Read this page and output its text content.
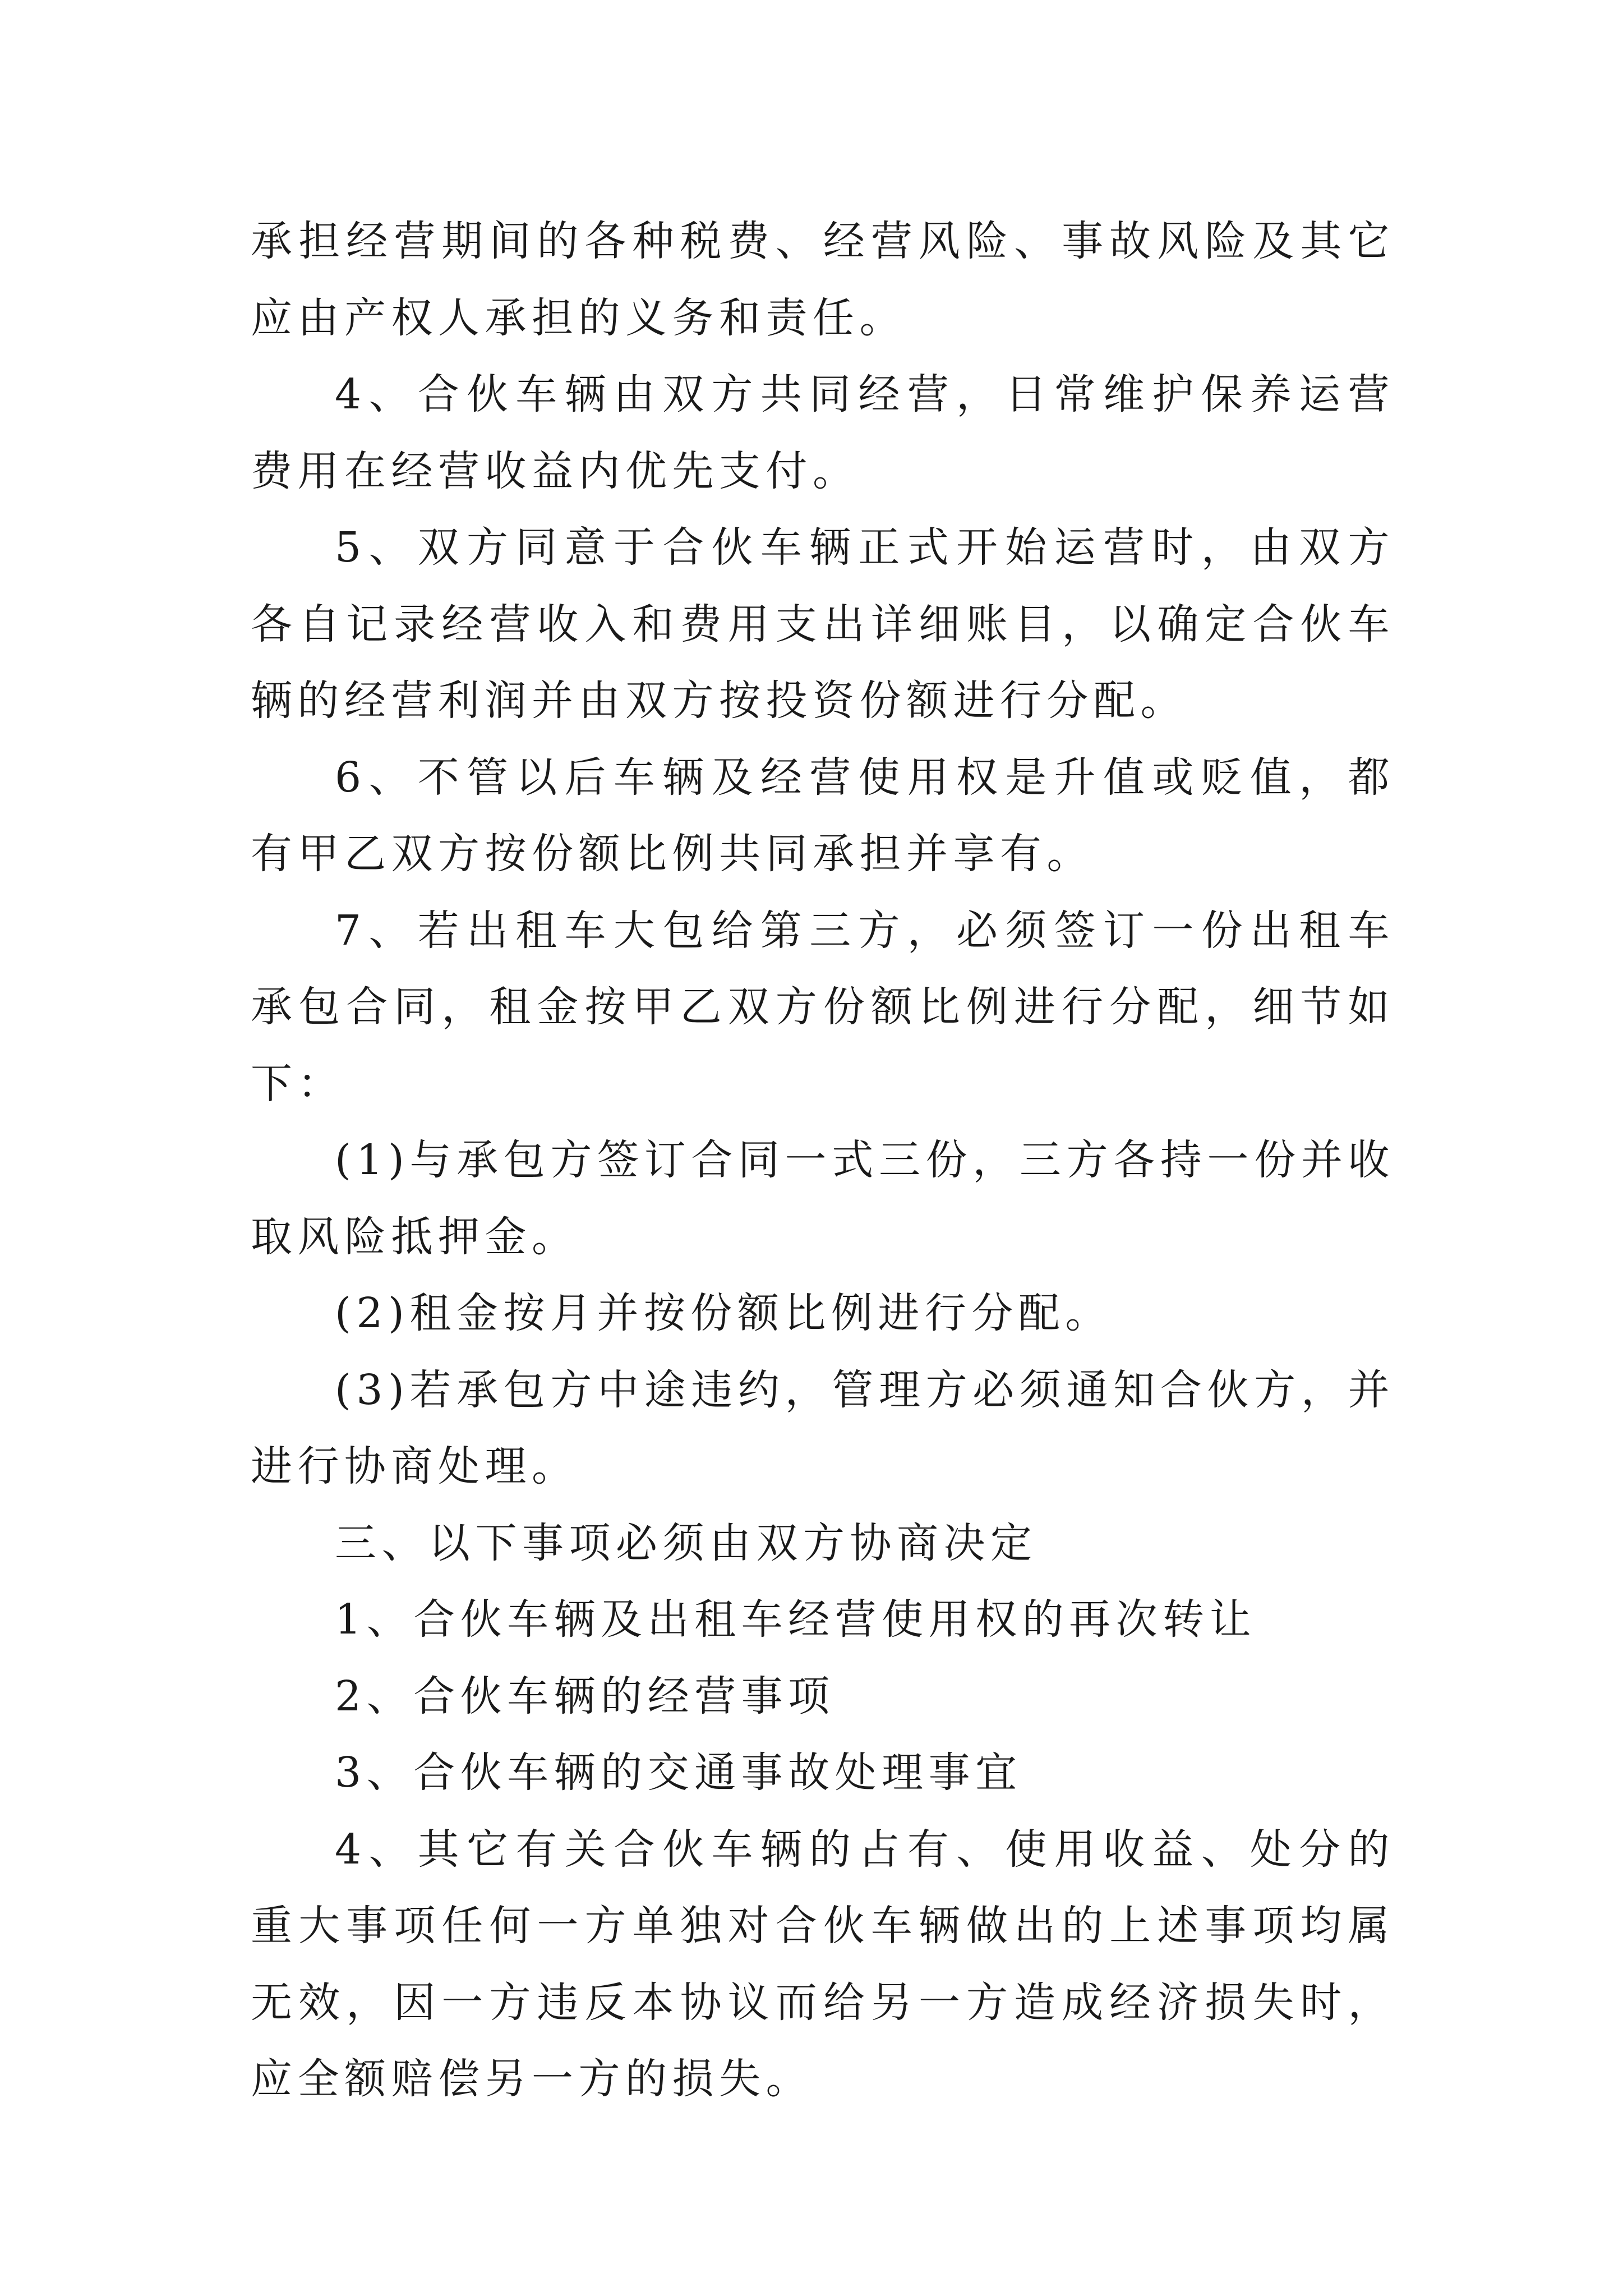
承担经营期间的各种税费、经营风险、事故风险及其它应由产权人承担的义务和责任。

4、合伙车辆由双方共同经营，日常维护保养运营费用在经营收益内优先支付。

5、双方同意于合伙车辆正式开始运营时，由双方各自记录经营收入和费用支出详细账目，以确定合伙车辆的经营利润并由双方按投资份额进行分配。

6、不管以后车辆及经营使用权是升值或贬值，都有甲乙双方按份额比例共同承担并享有。

7、若出租车大包给第三方，必须签订一份出租车承包合同，租金按甲乙双方份额比例进行分配，细节如下：

(1)与承包方签订合同一式三份，三方各持一份并收取风险抵押金。

(2)租金按月并按份额比例进行分配。

(3)若承包方中途违约，管理方必须通知合伙方，并进行协商处理。

三、以下事项必须由双方协商决定

1、合伙车辆及出租车经营使用权的再次转让

2、合伙车辆的经营事项

3、合伙车辆的交通事故处理事宜

4、其它有关合伙车辆的占有、使用收益、处分的重大事项任何一方单独对合伙车辆做出的上述事项均属无效，因一方违反本协议而给另一方造成经济损失时，应全额赔偿另一方的损失。
